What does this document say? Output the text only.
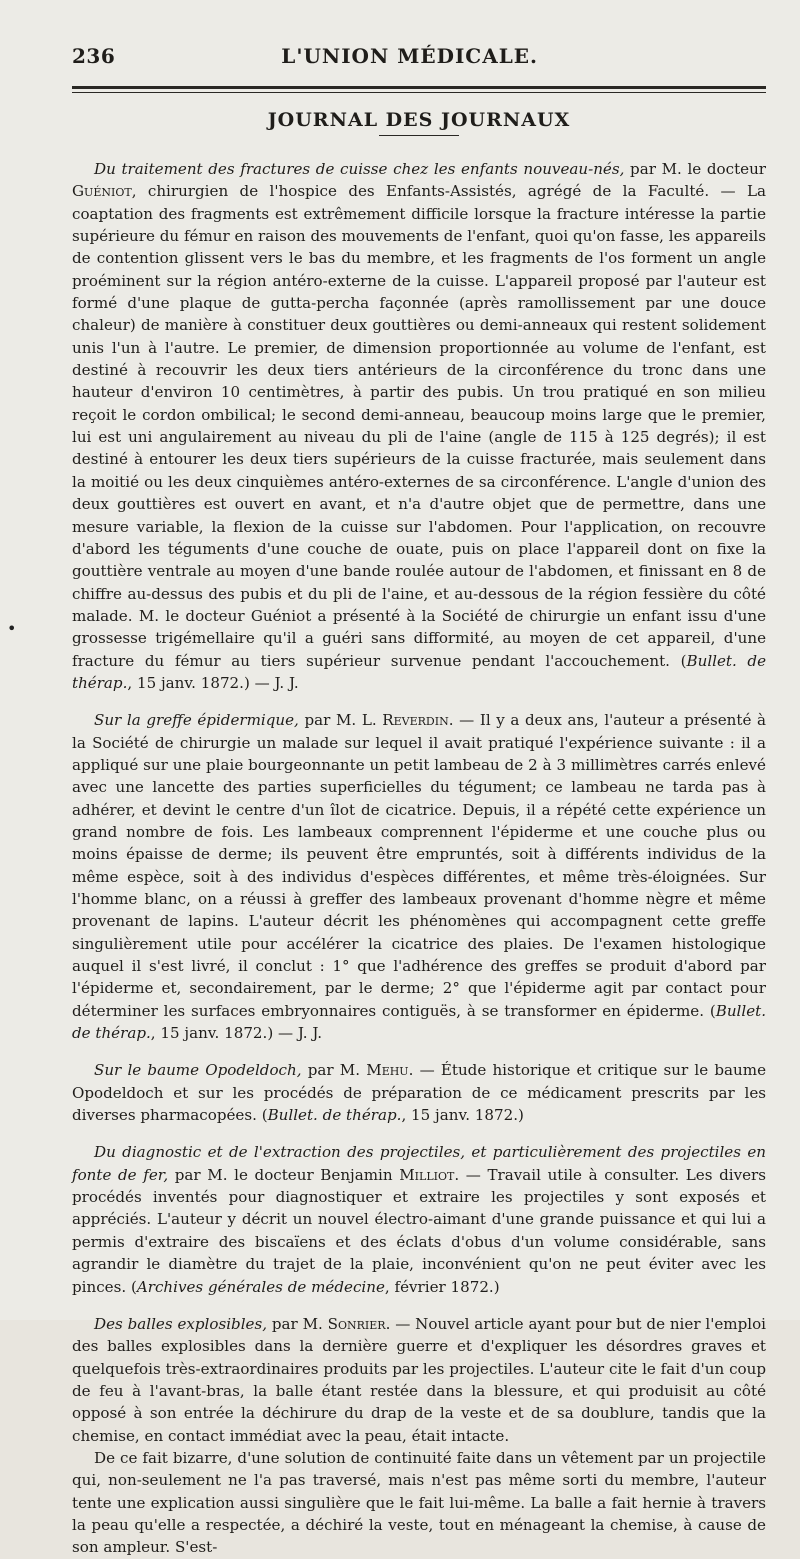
236	L'UNION MÉDICALE.
JOURNAL DES JOURNAUX

Du traitement des fractures de cuisse chez les enfants nouveau-nés, par M. le docteur Guéniot, chirurgien de l'hospice des Enfants-Assistés, agrégé de la Faculté. — La coaptation des fragments est extrêmement difficile lorsque la fracture intéresse la partie supérieure du fémur en raison des mouvements de l'enfant, quoi qu'on fasse, les appareils de contention glissent vers le bas du membre, et les fragments de l'os forment un angle proéminent sur la région antéro-externe de la cuisse. L'appareil proposé par l'auteur est formé d'une plaque de gutta-percha façonnée (après ramollissement par une douce chaleur) de manière à constituer deux gouttières ou demi-anneaux qui restent solidement unis l'un à l'autre. Le premier, de dimension proportionnée au volume de l'enfant, est destiné à recouvrir les deux tiers antérieurs de la circonférence du tronc dans une hauteur d'environ 10 centimètres, à partir des pubis. Un trou pratiqué en son milieu reçoit le cordon ombilical; le second demi-anneau, beaucoup moins large que le premier, lui est uni angulairement au niveau du pli de l'aine (angle de 115 à 125 degrés); il est destiné à entourer les deux tiers supérieurs de la cuisse fracturée, mais seulement dans la moitié ou les deux cinquièmes antéro-externes de sa circonférence. L'angle d'union des deux gouttières est ouvert en avant, et n'a d'autre objet que de permettre, dans une mesure variable, la flexion de la cuisse sur l'abdomen. Pour l'application, on recouvre d'abord les téguments d'une couche de ouate, puis on place l'appareil dont on fixe la gouttière ventrale au moyen d'une bande roulée autour de l'abdomen, et finissant en 8 de chiffre au-dessus des pubis et du pli de l'aine, et au-dessous de la région fessière du côté malade. M. le docteur Guéniot a présenté à la Société de chirurgie un enfant issu d'une grossesse trigémellaire qu'il a guéri sans difformité, au moyen de cet appareil, d'une fracture du fémur au tiers supérieur survenue pendant l'accouchement. (Bullet. de thérap., 15 janv. 1872.) — J. J.

Sur la greffe épidermique, par M. L. Reverdin. — Il y a deux ans, l'auteur a présenté à la Société de chirurgie un malade sur lequel il avait pratiqué l'expérience suivante : il a appliqué sur une plaie bourgeonnante un petit lambeau de 2 à 3 millimètres carrés enlevé avec une lancette des parties superficielles du tégument; ce lambeau ne tarda pas à adhérer, et devint le centre d'un îlot de cicatrice. Depuis, il a répété cette expérience un grand nombre de fois. Les lambeaux comprennent l'épiderme et une couche plus ou moins épaisse de derme; ils peuvent être empruntés, soit à différents individus de la même espèce, soit à des individus d'espèces différentes, et même très-éloignées. Sur l'homme blanc, on a réussi à greffer des lambeaux provenant d'homme nègre et même provenant de lapins. L'auteur décrit les phénomènes qui accompagnent cette greffe singulièrement utile pour accélérer la cicatrice des plaies. De l'examen histologique auquel il s'est livré, il conclut : 1° que l'adhérence des greffes se produit d'abord par l'épiderme et, secondairement, par le derme; 2° que l'épiderme agit par contact pour déterminer les surfaces embryonnaires contiguës, à se transformer en épiderme. (Bullet. de thérap., 15 janv. 1872.) — J. J.

Sur le baume Opodeldoch, par M. Mehu. — Étude historique et critique sur le baume Opodeldoch et sur les procédés de préparation de ce médicament prescrits par les diverses pharmacopées. (Bullet. de thérap., 15 janv. 1872.)

Du diagnostic et de l'extraction des projectiles, et particulièrement des projectiles en fonte de fer, par M. le docteur Benjamin Milliot. — Travail utile à consulter. Les divers procédés inventés pour diagnostiquer et extraire les projectiles y sont exposés et appréciés. L'auteur y décrit un nouvel électro-aimant d'une grande puissance et qui lui a permis d'extraire des biscaïens et des éclats d'obus d'un volume considérable, sans agrandir le diamètre du trajet de la plaie, inconvénient qu'on ne peut éviter avec les pinces. (Archives générales de médecine, février 1872.)

Des balles explosibles, par M. Sonrier. — Nouvel article ayant pour but de nier l'emploi des balles explosibles dans la dernière guerre et d'expliquer les désordres graves et quelquefois très-extraordinaires produits par les projectiles. L'auteur cite le fait d'un coup de feu à l'avant-bras, la balle étant restée dans la blessure, et qui produisit au côté opposé à son entrée la déchirure du drap de la veste et de sa doublure, tandis que la chemise, en contact immédiat avec la peau, était intacte.

De ce fait bizarre, d'une solution de continuité faite dans un vêtement par un projectile qui, non-seulement ne l'a pas traversé, mais n'est pas même sorti du membre, l'auteur tente une explication aussi singulière que le fait lui-même. La balle a fait hernie à travers la peau qu'elle a respectée, a déchiré la veste, tout en ménageant la chemise, à cause de son ampleur. S'est-

•
